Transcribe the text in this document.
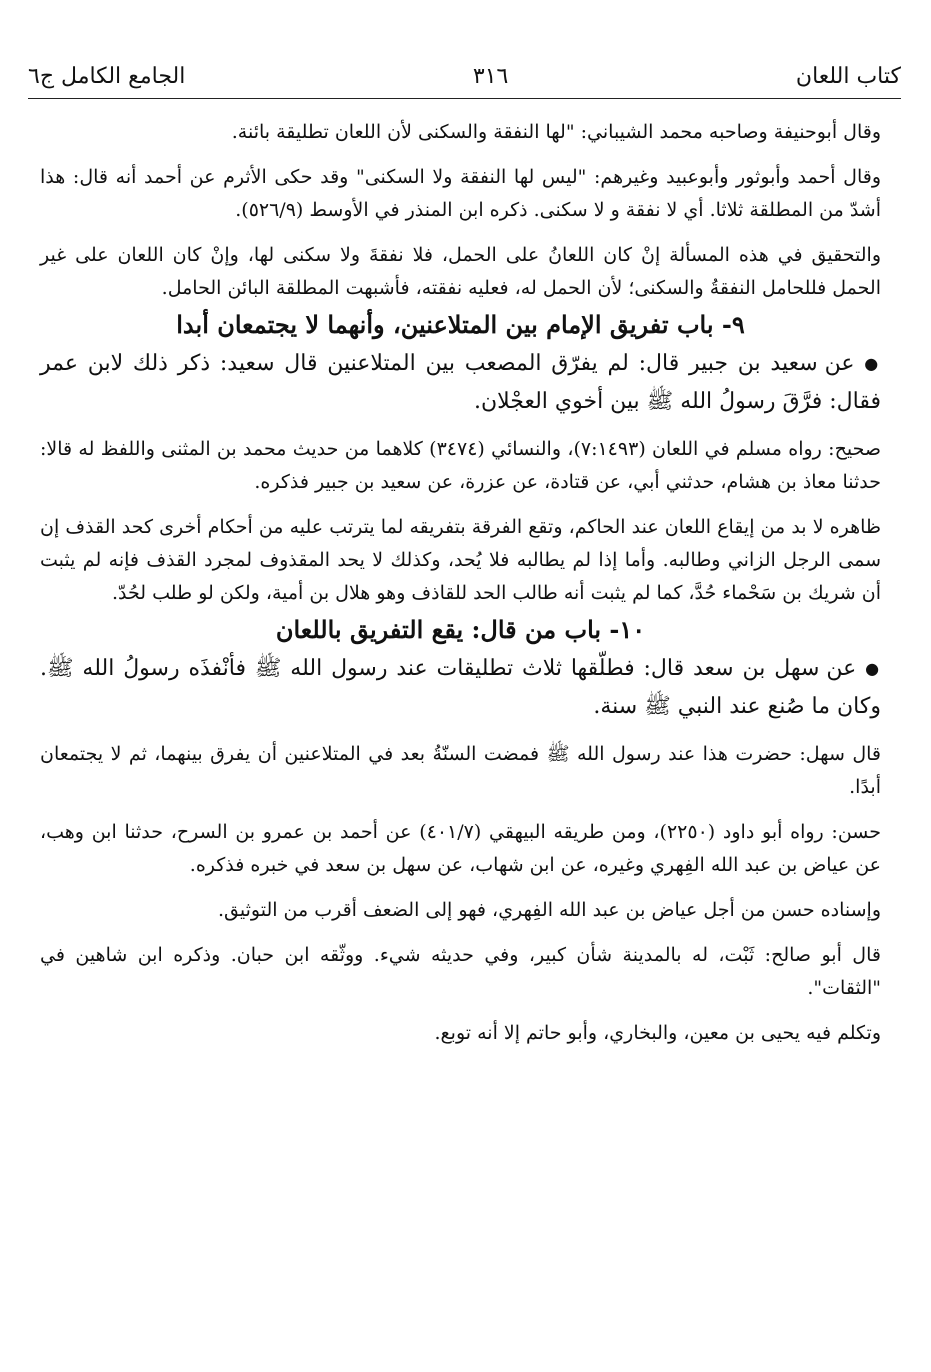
كتاب اللعان
٣١٦
الجامع الكامل ج٦

وقال أبوحنيفة وصاحبه محمد الشيباني: "لها النفقة والسكنى لأن اللعان تطليقة بائنة.

وقال أحمد وأبوثور وأبوعبيد وغيرهم: "ليس لها النفقة ولا السكنى" وقد حكى الأثرم عن أحمد أنه قال: هذا أشدّ من المطلقة ثلاثا. أي لا نفقة و لا سكنى. ذكره ابن المنذر في الأوسط (٥٢٦/٩).

والتحقيق في هذه المسألة إنْ كان اللعانُ على الحمل، فلا نفقةَ ولا سكنى لها، وإنْ كان اللعان على غير الحمل فللحامل النفقةُ والسكنى؛ لأن الحمل له، فعليه نفقته، فأشبهت المطلقة البائن الحامل.

٩- باب تفريق الإمام بين المتلاعنين، وأنهما لا يجتمعان أبدا

● عن سعيد بن جبير قال: لم يفرّق المصعب بين المتلاعنين قال سعيد: ذكر ذلك لابن عمر فقال: فرَّقَ رسولُ الله ﷺ بين أخوي العجْلان.

صحيح: رواه مسلم في اللعان (٧:١٤٩٣)، والنسائي (٣٤٧٤) كلاهما من حديث محمد بن المثنى واللفظ له قالا: حدثنا معاذ بن هشام، حدثني أبي، عن قتادة، عن عزرة، عن سعيد بن جبير فذكره.

ظاهره لا بد من إيقاع اللعان عند الحاكم، وتقع الفرقة بتفريقه لما يترتب عليه من أحكام أخرى كحد القذف إن سمى الرجل الزاني وطالبه. وأما إذا لم يطالبه فلا يُحد، وكذلك لا يحد المقذوف لمجرد القذف فإنه لم يثبت أن شريك بن سَحْماء حُدَّ، كما لم يثبت أنه طالب الحد للقاذف وهو هلال بن أمية، ولكن لو طلب لحُدّ.

١٠- باب من قال: يقع التفريق باللعان

● عن سهل بن سعد قال: فطلّقها ثلاث تطليقات عند رسول الله ﷺ فأنْفذَه رسولُ الله ﷺ. وكان ما صُنع عند النبي ﷺ سنة.

قال سهل: حضرت هذا عند رسول الله ﷺ فمضت السنّةُ بعد في المتلاعنين أن يفرق بينهما، ثم لا يجتمعان أبدًا.

حسن: رواه أبو داود (٢٢٥٠)، ومن طريقه البيهقي (٤٠١/٧) عن أحمد بن عمرو بن السرح، حدثنا ابن وهب، عن عياض بن عبد الله الفِهري وغيره، عن ابن شهاب، عن سهل بن سعد في خبره فذكره.

وإسناده حسن من أجل عياض بن عبد الله الفِهري، فهو إلى الضعف أقرب من التوثيق.

قال أبو صالح: ثَبْت، له بالمدينة شأن كبير، وفي حديثه شيء. ووثّقه ابن حبان. وذكره ابن شاهين في "الثقات".

وتكلم فيه يحيى بن معين، والبخاري، وأبو حاتم إلا أنه توبع.
